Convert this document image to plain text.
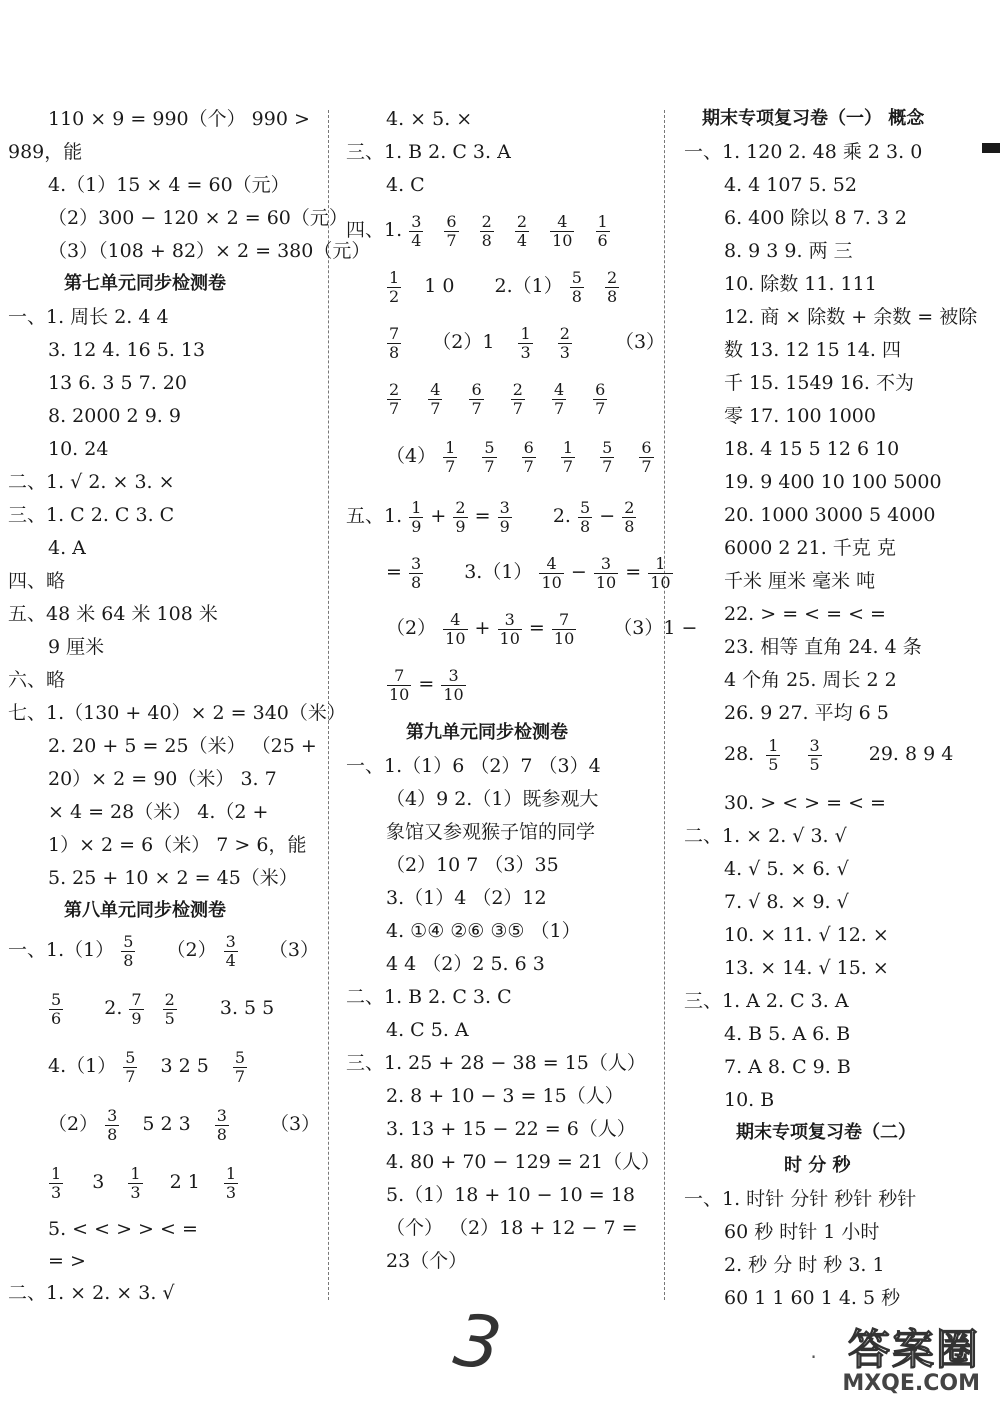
110 × 9 = 990（个） 990 >
989，能
4.（1）15 × 4 = 60（元）
（2）300 − 120 × 2 = 60（元）
（3）（108 + 82）× 2 = 380（元）
第七单元同步检测卷
一、1. 周长 2. 4 4
3. 12 4. 16 5. 13
13 6. 3 5 7. 20
8. 2000 2 9. 9
10. 24
二、1. √ 2. × 3. ×
三、1. C 2. C 3. C
4. A
四、略
五、48 米 64 米 108 米
9 厘米
六、略
七、1.（130 + 40）× 2 = 340（米）
2. 20 + 5 = 25（米） （25 +
20）× 2 = 90（米） 3. 7
× 4 = 28（米） 4.（2 +
1）× 2 = 6（米） 7 > 6，能
5. 25 + 10 × 2 = 45（米）
第八单元同步检测卷
一、$1.(1) \frac{5}{8} (2) \frac{3}{4} (3)$
$\frac{5}{6} 2$. $\frac{7}{9}$
$\frac{2}{5} 3$. 5 5
$4.(1) \frac{5}{7} 3$ 2 $5 \frac{5}{7}$
$(2) \frac{3}{8} 5$ 2 $3 \frac{3}{8} (3)$
$\frac{1}{3} 3 \frac{1}{3} 2$ $1 \frac{1}{3}$
5. < < > > < =
= >
二、1. × 2. × 3. √
4. × 5. ×
三、1. B 2. C 3. A
4. C
四、1. $\frac{3}{4}$
$\frac{6}{7}$
$\frac{2}{8}$
$\frac{2}{4}$
$\frac{4}{10}$
$\frac{1}{6}$
$\frac{1}{2} 1$ 0 $2.(1) \frac{5}{8}$
$\frac{2}{8}$
$\frac{7}{8} (2)1 \frac{1}{3}$
$\frac{2}{3} (3)$
$\frac{2}{7}$
$\frac{4}{7}$
$\frac{6}{7}$
$\frac{2}{7}$
$\frac{4}{7}$
$\frac{6}{7}$
$(4) \frac{1}{7}$
$\frac{5}{7}$
$\frac{6}{7}$
$\frac{1}{7}$
$\frac{5}{7}$
$\frac{6}{7}$
五、1. $\frac{1}{9} + \frac{2}{9} = \frac{3}{9} 2$. $\frac{5}{8} - \frac{2}{8}$
= $\frac{3}{8} 3.(1) \frac{4}{10} - \frac{3}{10} = \frac{1}{10}$
$(2) \frac{4}{10} + \frac{3}{10} = \frac{7}{10} (3)1$ −
$\frac{7}{10} = \frac{3}{10}$
第九单元同步检测卷
一、1.（1）6 （2）7 （3）4
（4）9 2.（1）既参观大
象馆又参观猴子馆的同学
（2）10 7 （3）35
3.（1）4 （2）12
4. ①④ ②⑥ ③⑤ （1）
4 4 （2）2 5. 6 3
二、1. B 2. C 3. C
4. C 5. A
三、1. 25 + 28 − 38 = 15（人）
2. 8 + 10 − 3 = 15（人）
3. 13 + 15 − 22 = 6（人）
4. 80 + 70 − 129 = 21（人）
5.（1）18 + 10 − 10 = 18
（个） （2）18 + 12 − 7 =
23（个）
期末专项复习卷（一） 概念
一、1. 120 2. 48 乘 2 3. 0
4. 4 107 5. 52
6. 400 除以 8 7. 3 2
8. 9 3 9. 两 三
10. 除数 11. 111
12. 商 × 除数 + 余数 = 被除
数 13. 12 15 14. 四
千 15. 1549 16. 不为
零 17. 100 1000
18. 4 15 5 12 6 10
19. 9 400 10 100 5000
20. 1000 3000 5 4000
6000 2 21. 千克 克
千米 厘米 毫米 吨
22. > = < = < =
23. 相等 直角 24. 4 条
4 个角 25. 周长 2 2
26. 9 27. 平均 6 5
28. $\frac{1}{5}$
$\frac{3}{5} 29$. 8 9 4
30. > < > = < =
二、1. × 2. √ 3. √
4. √ 5. × 6. √
7. √ 8. × 9. √
10. × 11. √ 12. ×
13. × 14. √ 15. ×
三、1. A 2. C 3. A
4. B 5. A 6. B
7. A 8. C 9. B
10. B
期末专项复习卷（二）
时 分 秒
一、1. 时针 分针 秒针 秒针
60 秒 时针 1 小时
2. 秒 分 时 秒 3. 1
60 1 1 60 1 4. 5 秒
3	· 答案圈
MXQE.COM
